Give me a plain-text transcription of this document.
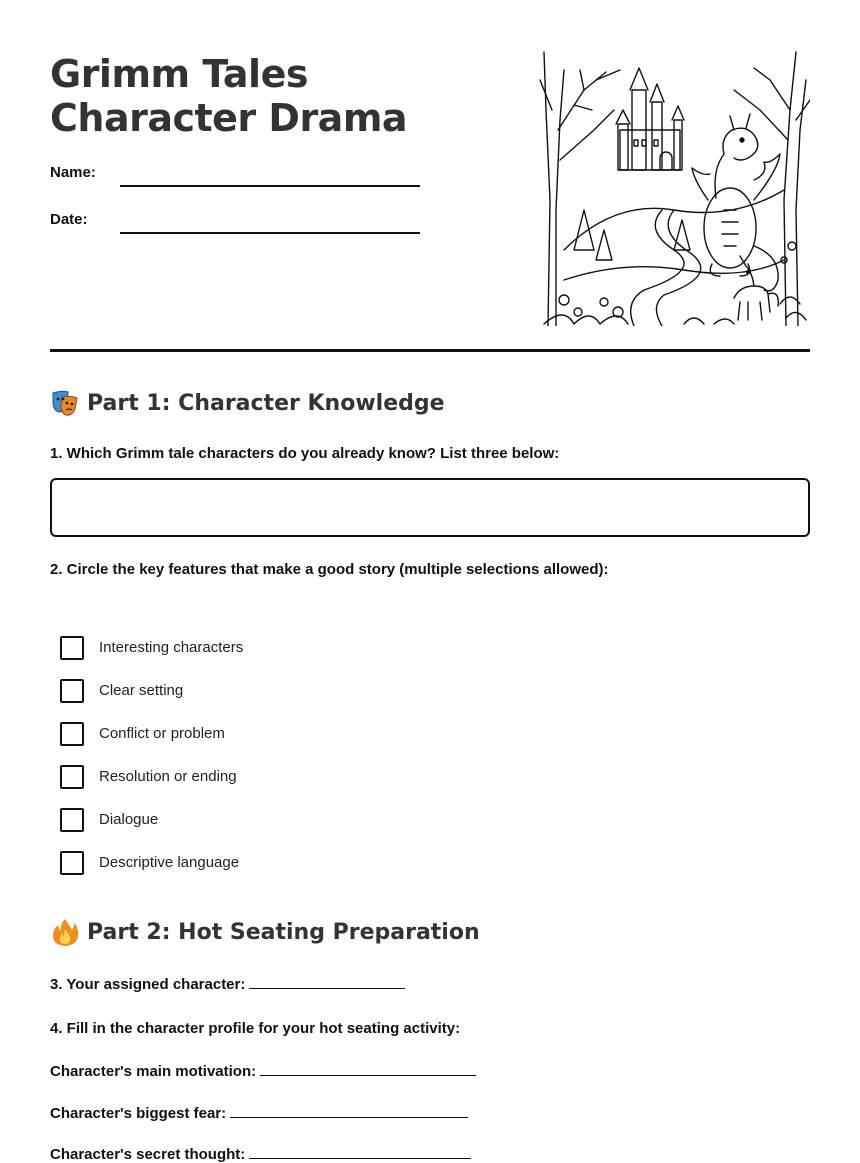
Grimm Tales Character Drama
Name:
Date:
Part 1: Character Knowledge

1. Which Grimm tale characters do you already know? List three below:

2. Circle the key features that make a good story (multiple selections allowed):

Interesting characters
Clear setting
Conflict or problem
Resolution or ending
Dialogue
Descriptive language
Part 2: Hot Seating Preparation
3. Your assigned character:

4. Fill in the character profile for your hot seating activity:

Character's main motivation:
Character's biggest fear:
Character's secret thought:
